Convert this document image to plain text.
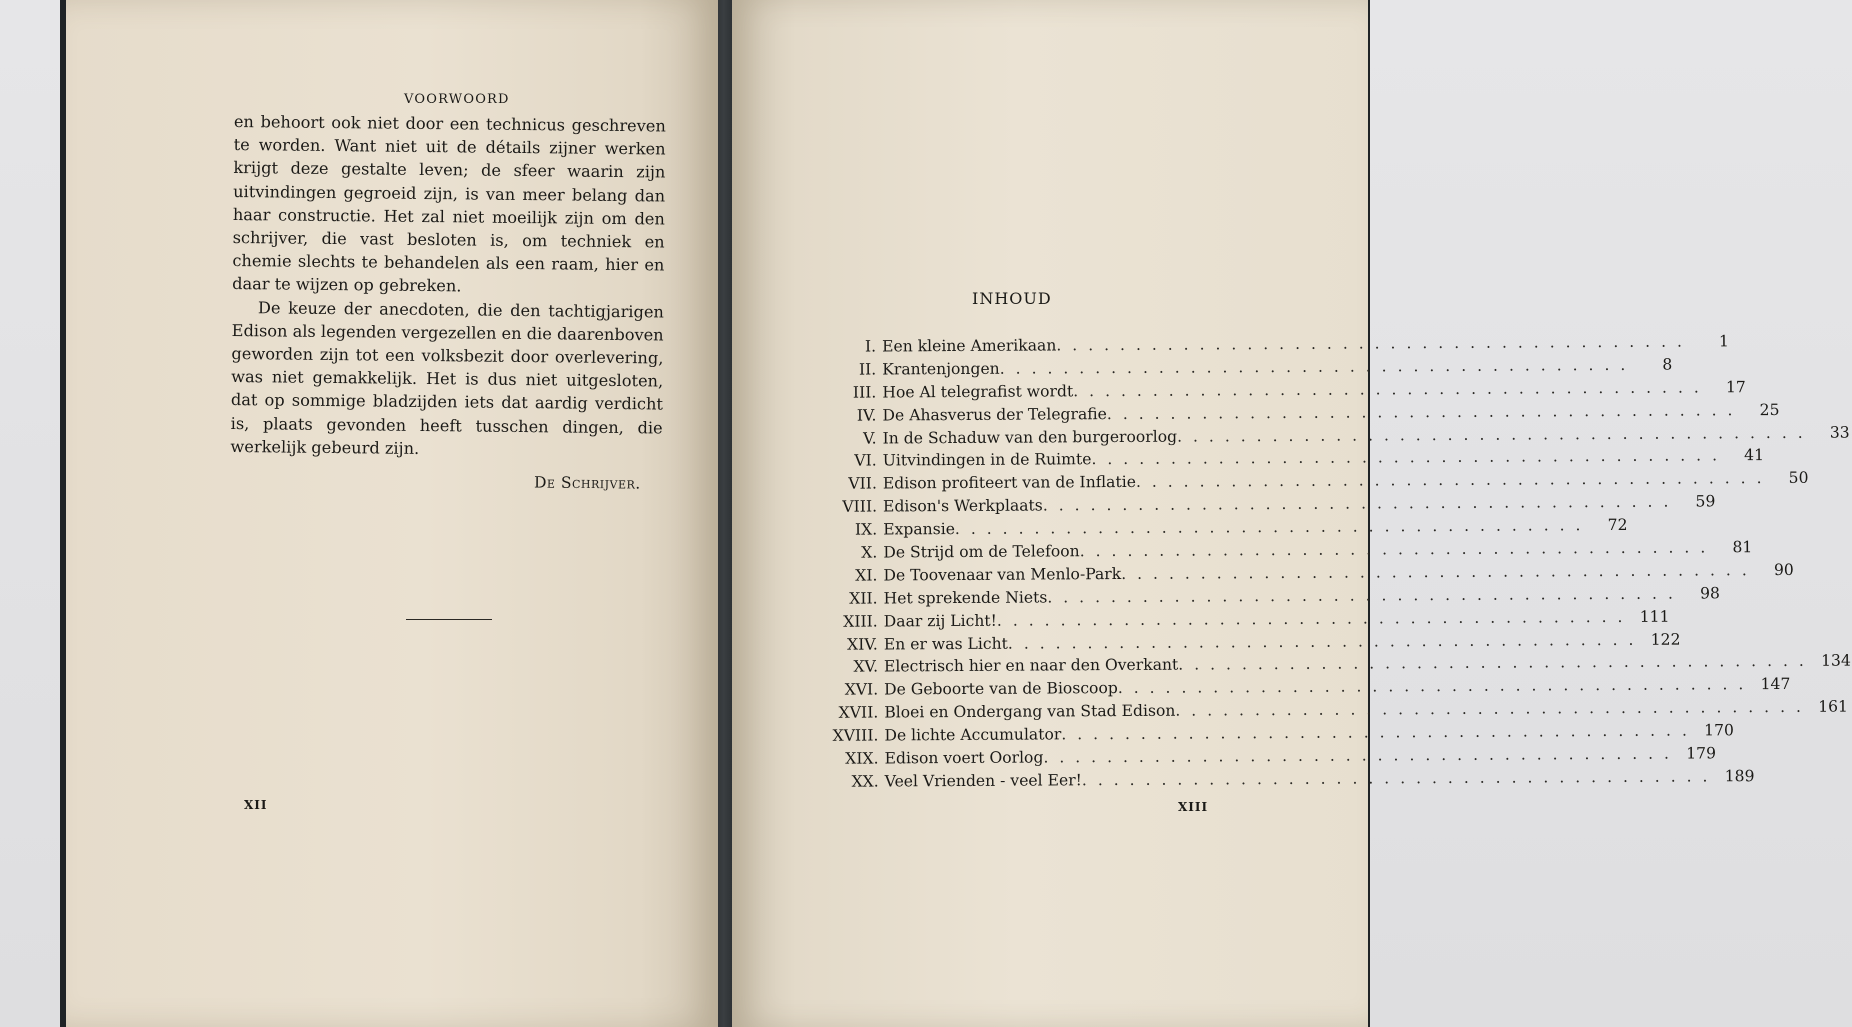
VOORWOORD

en behoort ook niet door een technicus geschreven te worden. Want niet uit de détails zijner werken krijgt deze gestalte leven; de sfeer waarin zijn uitvindingen gegroeid zijn, is van meer belang dan haar constructie. Het zal niet moeilijk zijn om den schrijver, die vast besloten is, om techniek en chemie slechts te behandelen als een raam, hier en daar te wijzen op gebreken.

De keuze der anecdoten, die den tachtigjarigen Edison als legenden vergezellen en die daarenboven geworden zijn tot een volksbezit door overlevering, was niet gemakkelijk. Het is dus niet uitgesloten, dat op sommige bladzijden iets dat aardig verdicht is, plaats gevonden heeft tusschen dingen, die werkelijk gebeurd zijn.

De Schrijver.
XII
INHOUD
I. Een kleine Amerikaan . . . . . . . . . . . . . . . . . . . . . . . . . . . . . . . . . . . . . . . .	1
II. Krantenjongen . . . . . . . . . . . . . . . . . . . . . . . . . . . . . . . . . . . . . . . .	8
III. Hoe Al telegrafist wordt . . . . . . . . . . . . . . . . . . . . . . . . . . . . . . . . . . . . . . . .	17
IV. De Ahasverus der Telegrafie . . . . . . . . . . . . . . . . . . . . . . . . . . . . . . . . . . . . . . . .	25
V. In de Schaduw van den burgeroorlog . . . . . . . . . . . . . . . . . . . . . . . . . . . . . . . . . . . . . . . .	33
VI. Uitvindingen in de Ruimte . . . . . . . . . . . . . . . . . . . . . . . . . . . . . . . . . . . . . . . .	41
VII. Edison profiteert van de Inflatie . . . . . . . . . . . . . . . . . . . . . . . . . . . . . . . . . . . . . . . .	50
VIII. Edison's Werkplaats . . . . . . . . . . . . . . . . . . . . . . . . . . . . . . . . . . . . . . . .	59
IX. Expansie . . . . . . . . . . . . . . . . . . . . . . . . . . . . . . . . . . . . . . . .	72
X. De Strijd om de Telefoon . . . . . . . . . . . . . . . . . . . . . . . . . . . . . . . . . . . . . . . .	81
XI. De Toovenaar van Menlo-Park . . . . . . . . . . . . . . . . . . . . . . . . . . . . . . . . . . . . . . . .	90
XII. Het sprekende Niets . . . . . . . . . . . . . . . . . . . . . . . . . . . . . . . . . . . . . . . .	98
XIII. Daar zij Licht! . . . . . . . . . . . . . . . . . . . . . . . . . . . . . . . . . . . . . . . . 111
XIV. En er was Licht . . . . . . . . . . . . . . . . . . . . . . . . . . . . . . . . . . . . . . . . 122
XV. Electrisch hier en naar den Overkant . . . . . . . . . . . . . . . . . . . . . . . . . . . . . . . . . . . . . . . . 134
XVI. De Geboorte van de Bioscoop . . . . . . . . . . . . . . . . . . . . . . . . . . . . . . . . . . . . . . . . 147
XVII. Bloei en Ondergang van Stad Edison . . . . . . . . . . . . . . . . . . . . . . . . . . . . . . . . . . . . . . . . 161
XVIII. De lichte Accumulator . . . . . . . . . . . . . . . . . . . . . . . . . . . . . . . . . . . . . . . . 170
XIX. Edison voert Oorlog . . . . . . . . . . . . . . . . . . . . . . . . . . . . . . . . . . . . . . . . 179
XX. Veel Vrienden - veel Eer! . . . . . . . . . . . . . . . . . . . . . . . . . . . . . . . . . . . . . . . . 189
XIII
